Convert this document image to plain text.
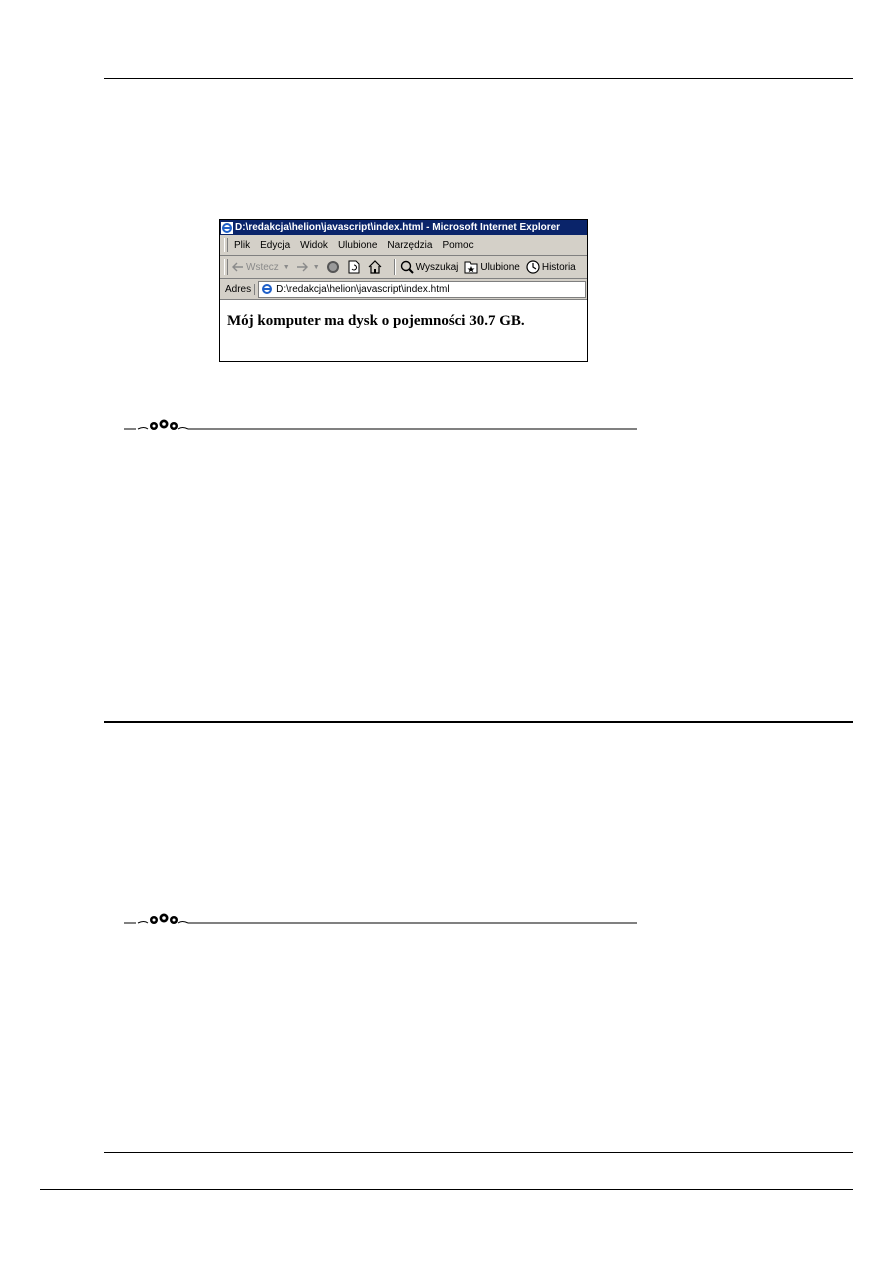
D:\redakcja\helion\javascript\index.html - Microsoft Internet Explorer
Plik Edycja Widok Ulubione Narzędzia Pomoc
Wstecz ▼	▼	Wyszukaj Ulubione Historia
Adres	D:\redakcja\helion\javascript\index.html

Mój komputer ma dysk o pojemności 30.7 GB.
